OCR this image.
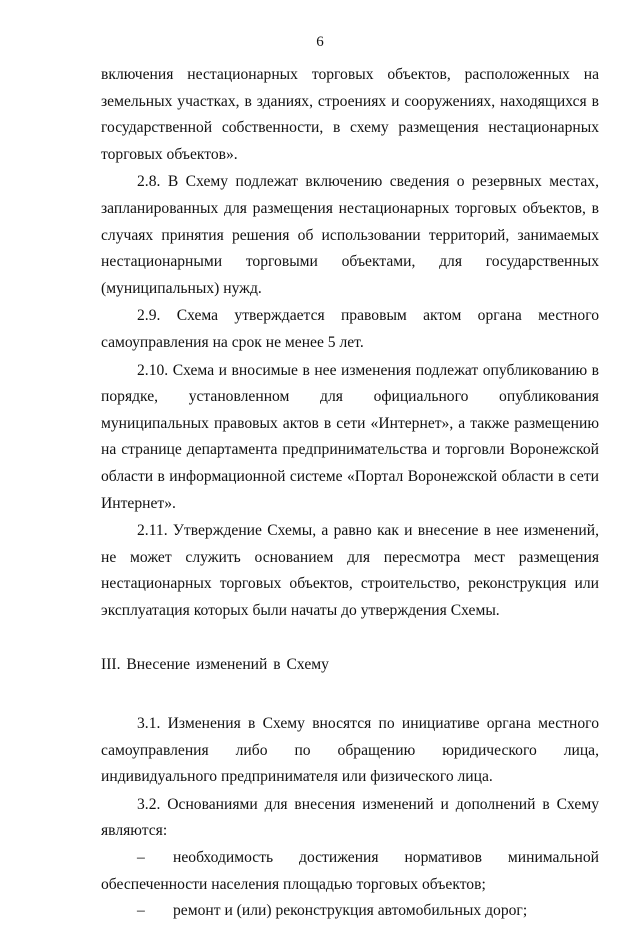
6

включения нестационарных торговых объектов, расположенных на земельных участках, в зданиях, строениях и сооружениях, находящихся в государственной собственности, в схему размещения нестационарных торговых объектов».

2.8. В Схему подлежат включению сведения о резервных местах, запланированных для размещения нестационарных торговых объектов, в случаях принятия решения об использовании территорий, занимаемых нестационарными торговыми объектами, для государственных (муниципальных) нужд.

2.9. Схема утверждается правовым актом органа местного самоуправления на срок не менее 5 лет.

2.10. Схема и вносимые в нее изменения подлежат опубликованию в порядке, установленном для официального опубликования муниципальных правовых актов в сети «Интернет», а также размещению на странице департамента предпринимательства и торговли Воронежской области в информационной системе «Портал Воронежской области в сети Интернет».

2.11. Утверждение Схемы, а равно как и внесение в нее изменений, не может служить основанием для пересмотра мест размещения нестационарных торговых объектов, строительство, реконструкция или эксплуатация которых были начаты до утверждения Схемы.

III. Внесение изменений в Схему

3.1. Изменения в Схему вносятся по инициативе органа местного самоуправления либо по обращению юридического лица, индивидуального предпринимателя или физического лица.

3.2. Основаниями для внесения изменений и дополнений в Схему являются:

– необходимость достижения нормативов минимальной обеспеченности населения площадью торговых объектов;

– ремонт и (или) реконструкция автомобильных дорог;
